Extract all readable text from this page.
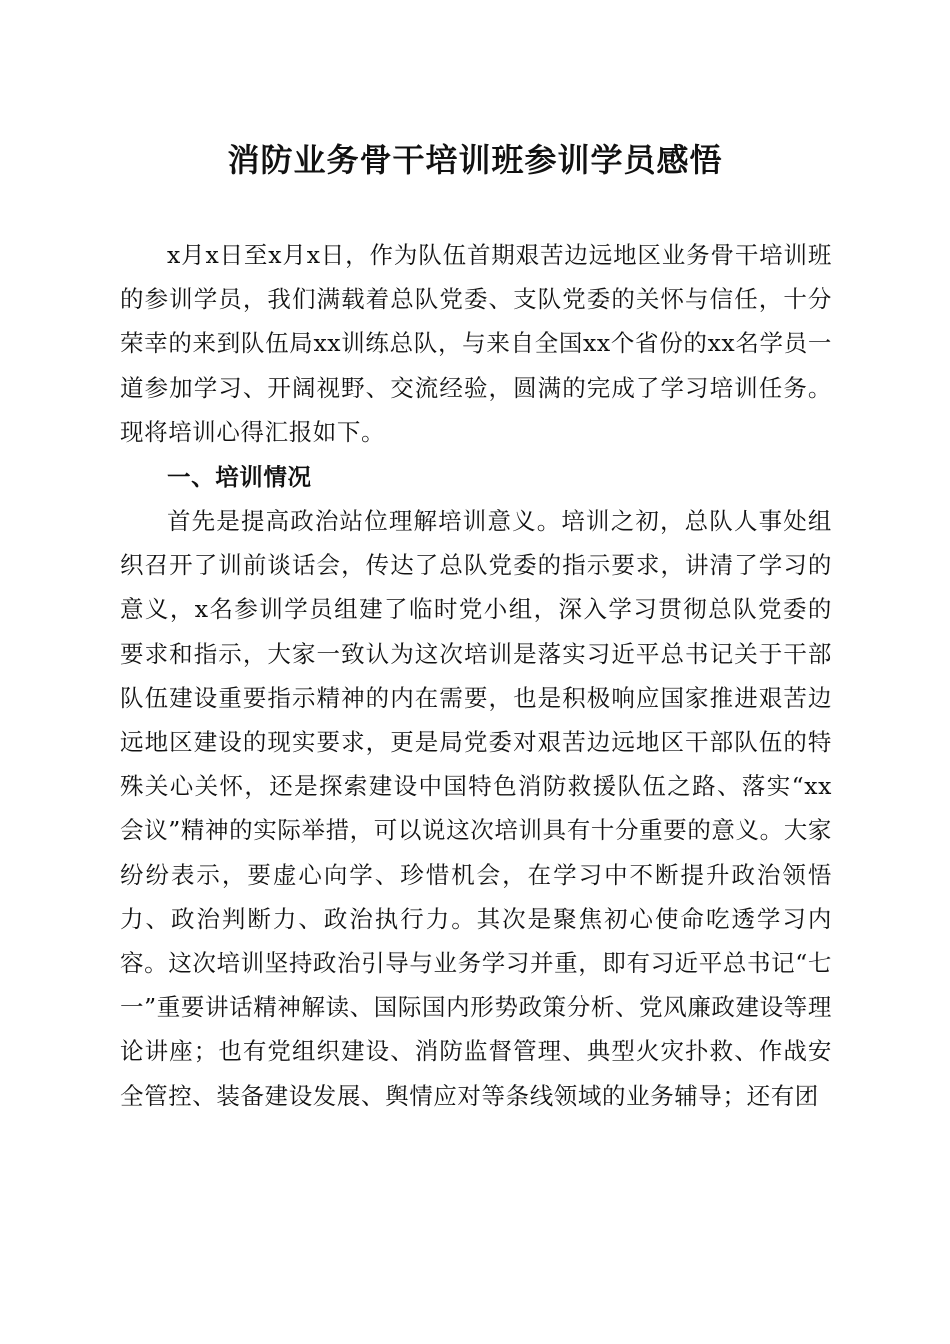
消防业务骨干培训班参训学员感悟

x月x日至x月x日，作为队伍首期艰苦边远地区业务骨干培训班的参训学员，我们满载着总队党委、支队党委的关怀与信任，十分荣幸的来到队伍局xx训练总队，与来自全国xx个省份的xx名学员一道参加学习、开阔视野、交流经验，圆满的完成了学习培训任务。现将培训心得汇报如下。

一、培训情况

首先是提高政治站位理解培训意义。培训之初，总队人事处组织召开了训前谈话会，传达了总队党委的指示要求，讲清了学习的意义，x名参训学员组建了临时党小组，深入学习贯彻总队党委的要求和指示，大家一致认为这次培训是落实习近平总书记关于干部队伍建设重要指示精神的内在需要，也是积极响应国家推进艰苦边远地区建设的现实要求，更是局党委对艰苦边远地区干部队伍的特殊关心关怀，还是探索建设中国特色消防救援队伍之路、落实“xx会议”精神的实际举措，可以说这次培训具有十分重要的意义。大家纷纷表示，要虚心向学、珍惜机会，在学习中不断提升政治领悟力、政治判断力、政治执行力。其次是聚焦初心使命吃透学习内容。这次培训坚持政治引导与业务学习并重，即有习近平总书记“七一”重要讲话精神解读、国际国内形势政策分析、党风廉政建设等理论讲座；也有党组织建设、消防监督管理、典型火灾扑救、作战安全管控、装备建设发展、舆情应对等条线领域的业务辅导；还有团
